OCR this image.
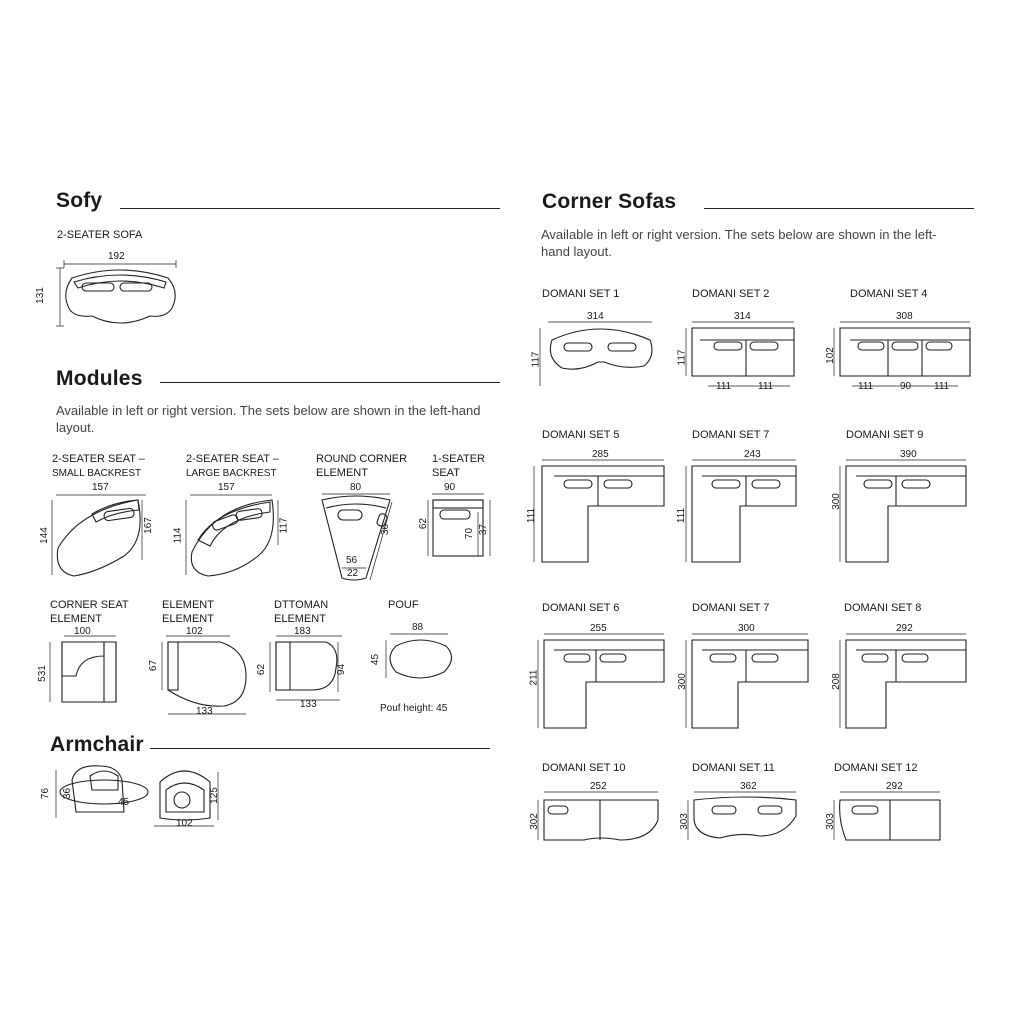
Sofy
2-SEATER SOFA
192
131
Modules
Available in left or right version. The sets below are shown in the left-hand layout.
2-SEATER SEAT –
SMALL BACKREST
157
144
167
2-SEATER SEAT –
LARGE BACKREST
157
114
117
ROUND CORNER
ELEMENT
80
36
56
22
1-SEATER
SEAT
90
62
70 37
CORNER SEAT
ELEMENT
100
531
ELEMENT
ELEMENT
102
67
133
DTTOMAN
ELEMENT
183
62	94
133
POUF
88
45
Pouf height: 45
Armchair
76 36
45	125
102
Corner Sofas
Available in left or right version. The sets below are shown in the left-hand layout.
DOMANI SET 1
314
117
DOMANI SET 2
314
117
111	111
DOMANI SET 4
308
102
111	90 111
DOMANI SET 5
285
111
DOMANI SET 7
243
111
DOMANI SET 9
390
300
DOMANI SET 6
255
211
DOMANI SET 7
300
300
DOMANI SET 8
292
208
DOMANI SET 10
252
302
DOMANI SET 11
362
303
DOMANI SET 12
292
303
